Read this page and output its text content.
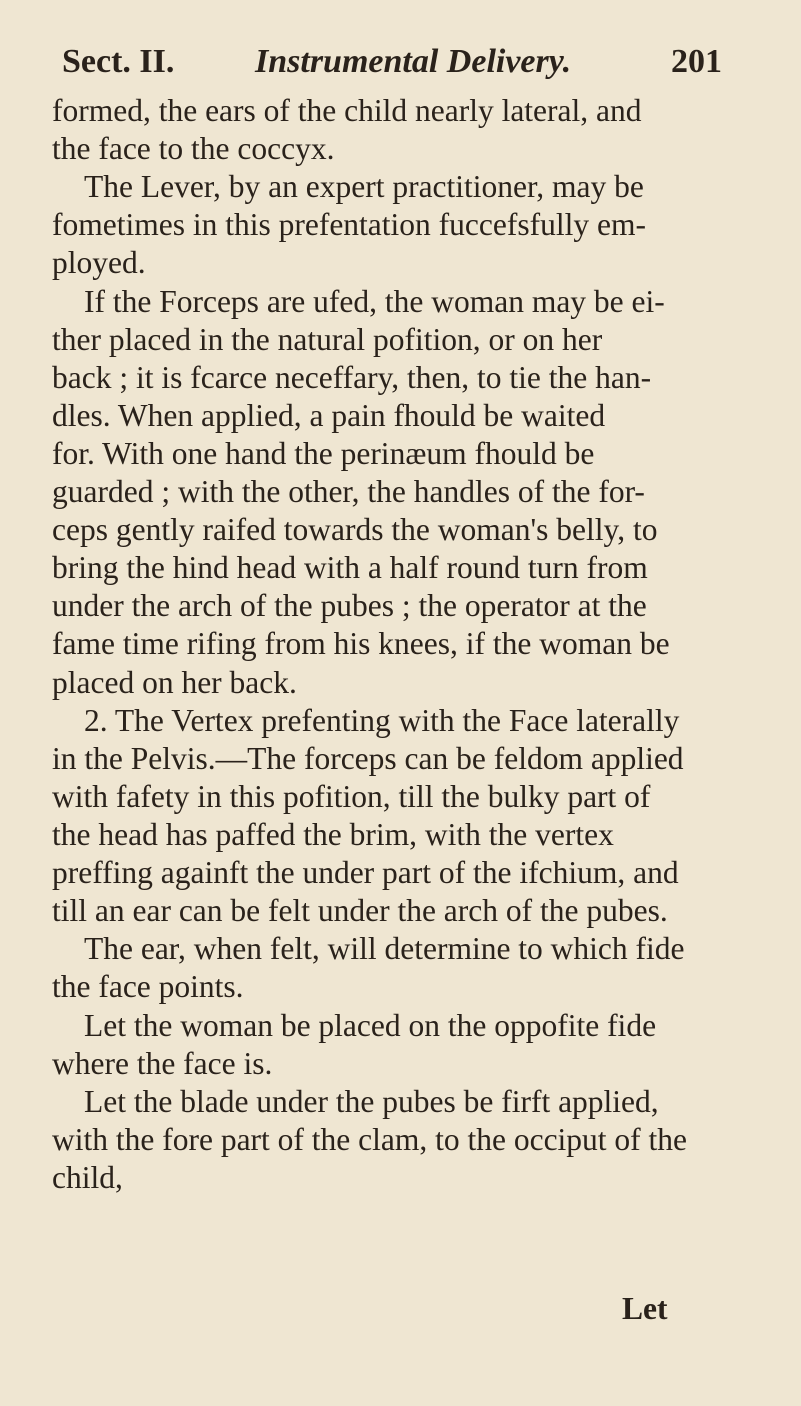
Sect. II. Instrumental Delivery.	201
formed, the ears of the child nearly lateral, and
the face to the coccyx.
The Lever, by an expert practitioner, may be
fometimes in this prefentation fuccefsfully em-
ployed.
If the Forceps are ufed, the woman may be ei-
ther placed in the natural pofition, or on her
back ; it is fcarce neceffary, then, to tie the han-
dles. When applied, a pain fhould be waited
for. With one hand the perinæum fhould be
guarded ; with the other, the handles of the for-
ceps gently raifed towards the woman's belly, to
bring the hind head with a half round turn from
under the arch of the pubes ; the operator at the
fame time rifing from his knees, if the woman be
placed on her back.
2. The Vertex prefenting with the Face laterally
in the Pelvis.—The forceps can be feldom applied
with fafety in this pofition, till the bulky part of
the head has paffed the brim, with the vertex
preffing againft the under part of the ifchium, and
till an ear can be felt under the arch of the pubes.
The ear, when felt, will determine to which fide
the face points.
Let the woman be placed on the oppofite fide
where the face is.
Let the blade under the pubes be firft applied,
with the fore part of the clam, to the occiput of the
child,
Let
